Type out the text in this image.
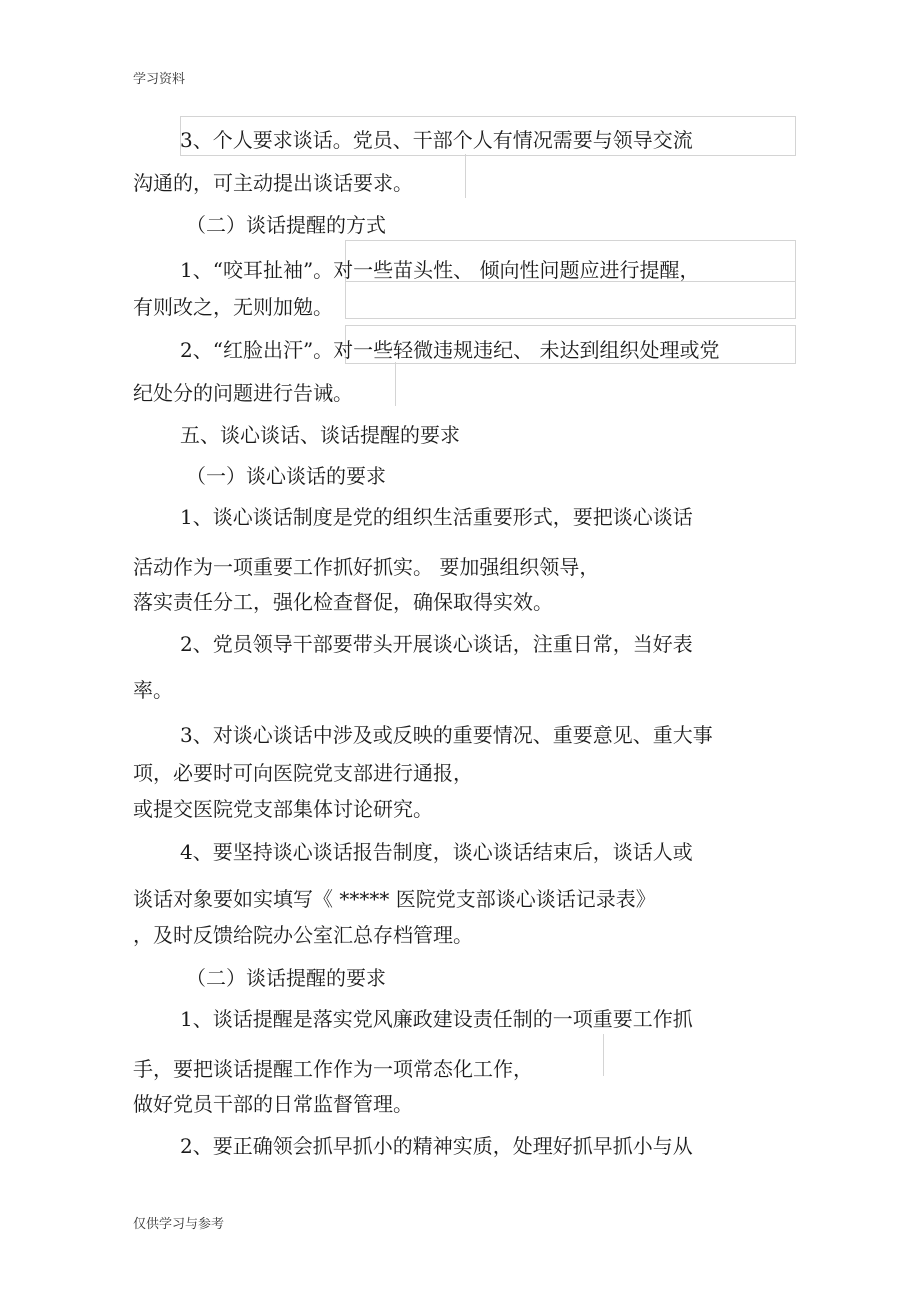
学习资料
3、个人要求谈话。党员、干部个人有情况需要与领导交流
沟通的，可主动提出谈话要求。
（二）谈话提醒的方式
1、“咬耳扯袖”。对一些苗头性、 倾向性问题应进行提醒，
有则改之，无则加勉。
2、“红脸出汗”。对一些轻微违规违纪、 未达到组织处理或党
纪处分的问题进行告诫。
五、谈心谈话、谈话提醒的要求
（一）谈心谈话的要求
1、谈心谈话制度是党的组织生活重要形式，要把谈心谈话
活动作为一项重要工作抓好抓实。 要加强组织领导，
落实责任分工，强化检查督促，确保取得实效。
2、党员领导干部要带头开展谈心谈话，注重日常，当好表
率。
3、对谈心谈话中涉及或反映的重要情况、重要意见、重大事
项，必要时可向医院党支部进行通报，
或提交医院党支部集体讨论研究。
4、要坚持谈心谈话报告制度，谈心谈话结束后，谈话人或
谈话对象要如实填写《 ***** 医院党支部谈心谈话记录表》
，及时反馈给院办公室汇总存档管理。
（二）谈话提醒的要求
1、谈话提醒是落实党风廉政建设责任制的一项重要工作抓
手，要把谈话提醒工作作为一项常态化工作，
做好党员干部的日常监督管理。
2、要正确领会抓早抓小的精神实质，处理好抓早抓小与从
仅供学习与参考
